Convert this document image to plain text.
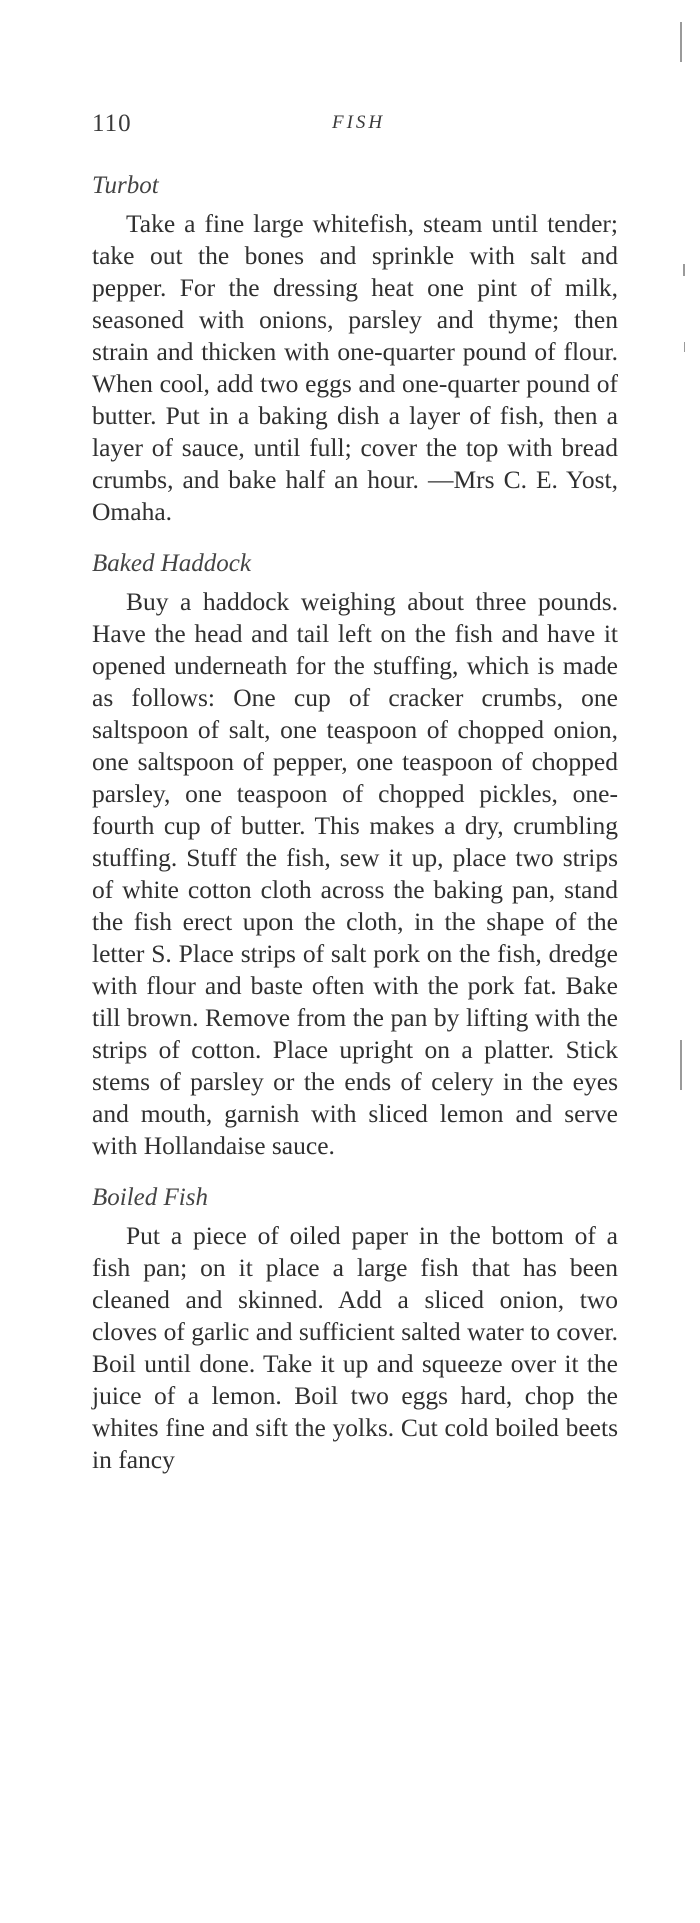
110	FISH
Turbot

Take a fine large whitefish, steam until tender; take out the bones and sprinkle with salt and pepper. For the dressing heat one pint of milk, seasoned with onions, parsley and thyme; then strain and thicken with one-quarter pound of flour. When cool, add two eggs and one-quarter pound of butter. Put in a baking dish a layer of fish, then a layer of sauce, until full; cover the top with bread crumbs, and bake half an hour. —Mrs C. E. Yost, Omaha.

Baked Haddock

Buy a haddock weighing about three pounds. Have the head and tail left on the fish and have it opened underneath for the stuffing, which is made as follows: One cup of cracker crumbs, one saltspoon of salt, one teaspoon of chopped onion, one saltspoon of pepper, one teaspoon of chopped parsley, one teaspoon of chopped pickles, one-fourth cup of butter. This makes a dry, crumbling stuffing. Stuff the fish, sew it up, place two strips of white cotton cloth across the baking pan, stand the fish erect upon the cloth, in the shape of the letter S. Place strips of salt pork on the fish, dredge with flour and baste often with the pork fat. Bake till brown. Remove from the pan by lifting with the strips of cotton. Place upright on a platter. Stick stems of parsley or the ends of celery in the eyes and mouth, garnish with sliced lemon and serve with Hollandaise sauce.

Boiled Fish

Put a piece of oiled paper in the bottom of a fish pan; on it place a large fish that has been cleaned and skinned. Add a sliced onion, two cloves of garlic and sufficient salted water to cover. Boil until done. Take it up and squeeze over it the juice of a lemon. Boil two eggs hard, chop the whites fine and sift the yolks. Cut cold boiled beets in fancy
